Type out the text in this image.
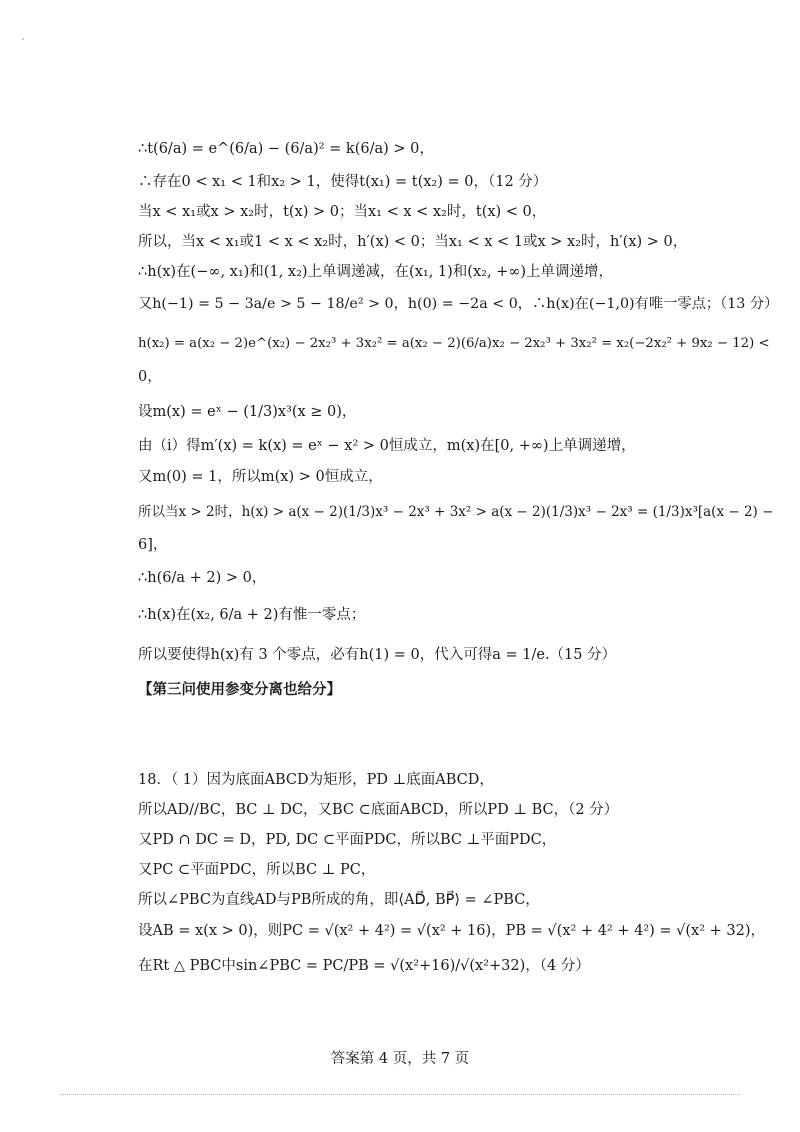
∴t(6/a) = e^(6/a) − (6/a)² = k(6/a) > 0，
∴存在0 < x₁ < 1和x₂ > 1，使得t(x₁) = t(x₂) = 0，（12 分）
当x < x₁或x > x₂时，t(x) > 0；当x₁ < x < x₂时，t(x) < 0，
所以，当x < x₁或1 < x < x₂时，h′(x) < 0；当x₁ < x < 1或x > x₂时，h′(x) > 0，
∴h(x)在(−∞, x₁)和(1, x₂)上单调递减，在(x₁, 1)和(x₂, +∞)上单调递增，
又h(−1) = 5 − 3a/e > 5 − 18/e² > 0，h(0) = −2a < 0，∴h(x)在(−1,0)有唯一零点；（13 分）
h(x₂) = a(x₂ − 2)e^(x₂) − 2x₂³ + 3x₂² = a(x₂ − 2)(6/a)x₂ − 2x₂³ + 3x₂² = x₂(−2x₂² + 9x₂ − 12) <
0，
设m(x) = eˣ − (1/3)x³(x ≥ 0)，
由（i）得m′(x) = k(x) = eˣ − x² > 0恒成立，m(x)在[0, +∞)上单调递增，
又m(0) = 1，所以m(x) > 0恒成立，
所以当x > 2时，h(x) > a(x − 2)(1/3)x³ − 2x³ + 3x² > a(x − 2)(1/3)x³ − 2x³ = (1/3)x³[a(x − 2) −
6]，
∴h(6/a + 2) > 0，
∴h(x)在(x₂, 6/a + 2)有惟一零点；
所以要使得h(x)有 3 个零点，必有h(1) = 0，代入可得a = 1/e.（15 分）
【第三问使用参变分离也给分】
18．（ 1）因为底面ABCD为矩形，PD ⊥底面ABCD，
所以AD//BC，BC ⊥ DC，又BC ⊂底面ABCD，所以PD ⊥ BC，（2 分）
又PD ∩ DC = D，PD, DC ⊂平面PDC，所以BC ⊥平面PDC，
又PC ⊂平面PDC，所以BC ⊥ PC，
所以∠PBC为直线AD与PB所成的角，即⟨AD⃗, BP⃗⟩ = ∠PBC，
设AB = x(x > 0)，则PC = √(x² + 4²) = √(x² + 16)，PB = √(x² + 4² + 4²) = √(x² + 32)，
在Rt △ PBC中sin∠PBC = PC/PB = √(x²+16)/√(x²+32)，（4 分）
答案第 4 页，共 7 页
